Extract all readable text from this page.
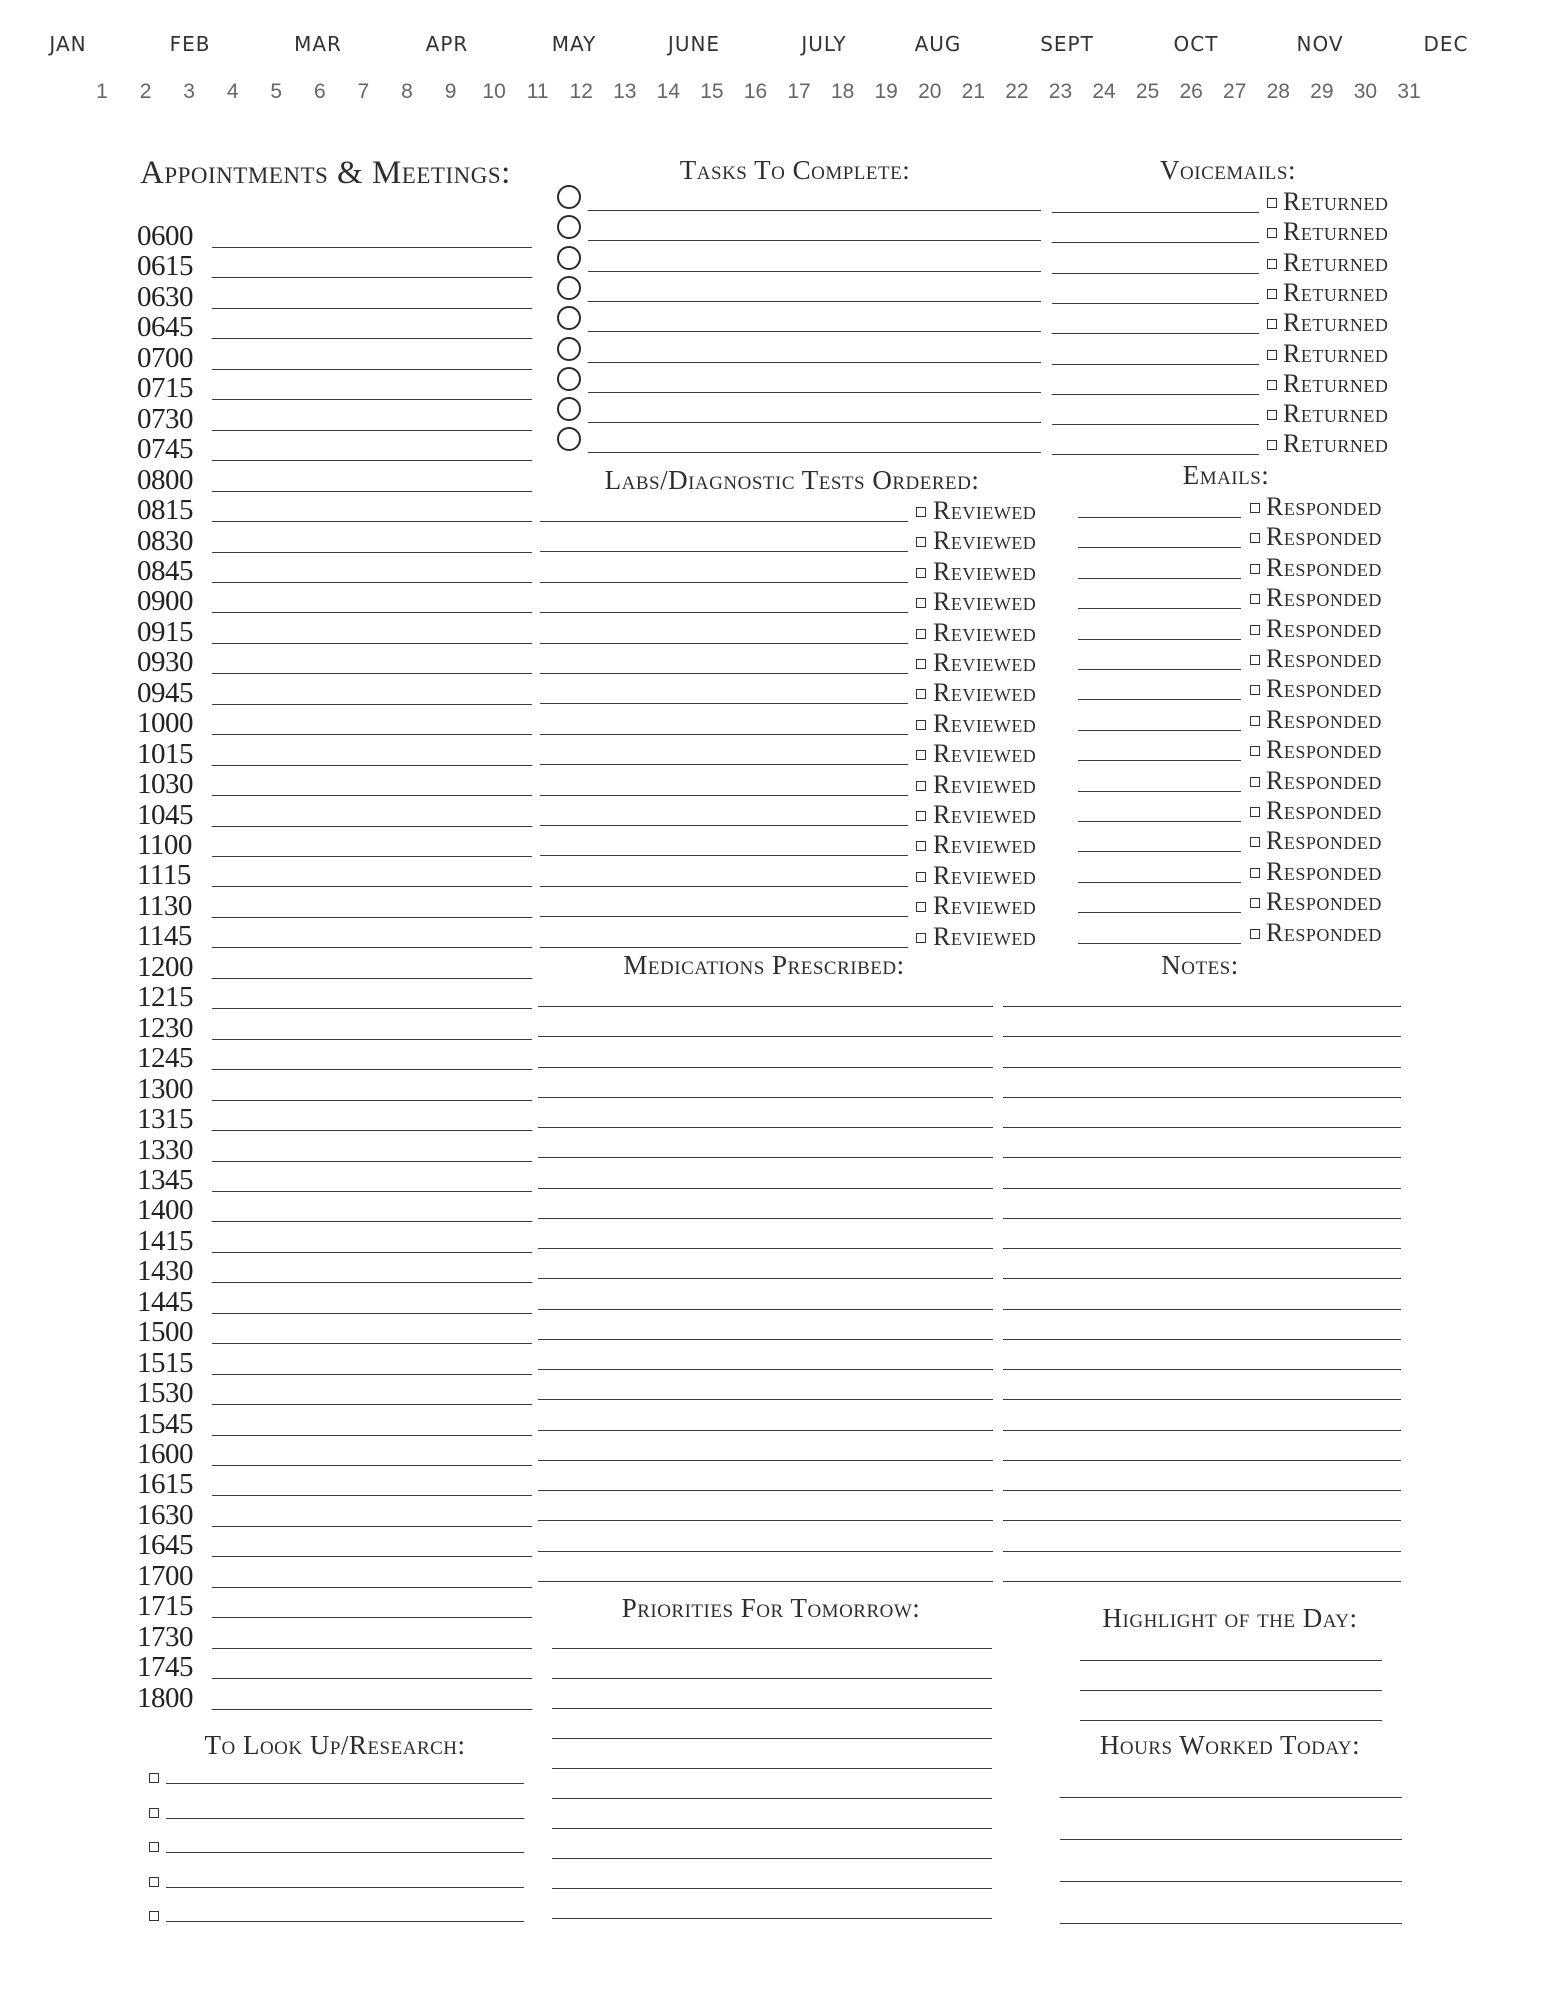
JAN	FEB	MAR	APR	MAY	JUNE	JULY	AUG	SEPT	OCT	NOV	DEC
1 2 3 4 5 6 7 8 9 10 11 12 13 14 15 16 17 18 19 20 21 22 23 24 25 26 27 28 29 30 31
Appointments & Meetings:
0600
0615
0630
0645
0700
0715
0730
0745
0800
0815
0830
0845
0900
0915
0930
0945
1000
1015
1030
1045
1100
1115
1130
1145
1200
1215
1230
1245
1300
1315
1330
1345
1400
1415
1430
1445
1500
1515
1530
1545
1600
1615
1630
1645
1700
1715
1730
1745
1800
Tasks To Complete:	Voicemails:
Returned
Returned
Returned
Returned
Returned
Returned
Returned
Returned
Returned
Labs/Diagnostic Tests Ordered:
Reviewed
Reviewed
Reviewed
Reviewed
Reviewed
Reviewed
Reviewed
Reviewed
Reviewed
Reviewed
Reviewed
Reviewed
Reviewed
Reviewed
Reviewed
Emails:
Responded
Responded
Responded
Responded
Responded
Responded
Responded
Responded
Responded
Responded
Responded
Responded
Responded
Responded
Responded
Medications Prescribed:	Notes:
Priorities For Tomorrow:	Highlight of the Day:
Hours Worked Today:
To Look Up/Research:
